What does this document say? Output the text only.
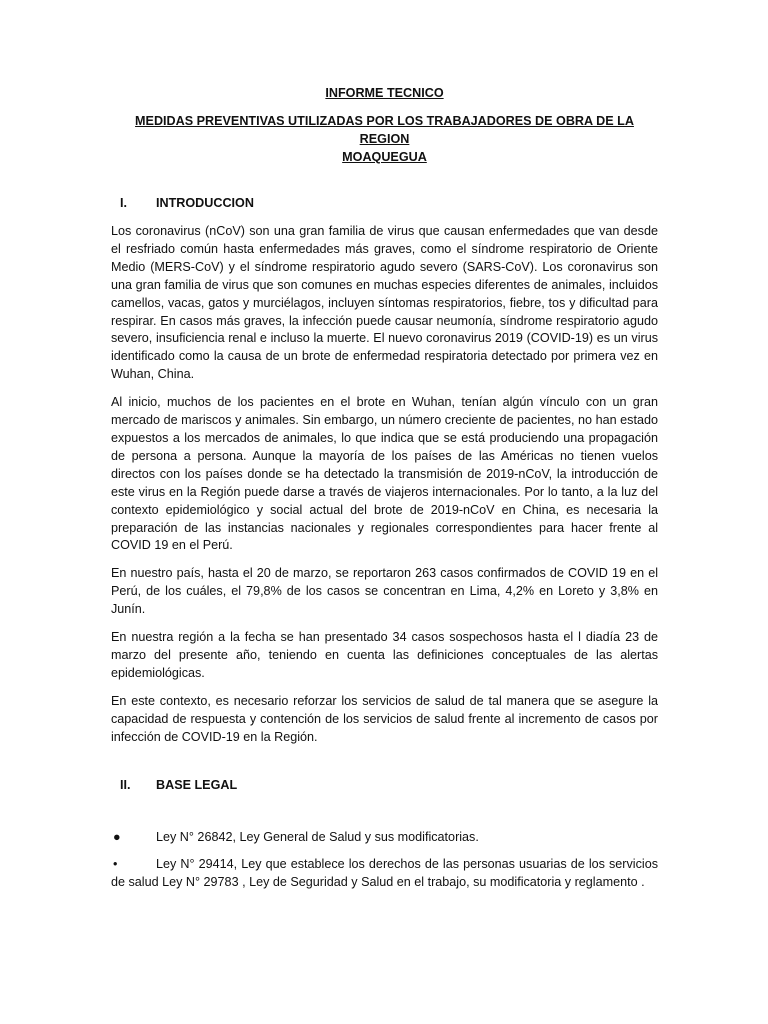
INFORME TECNICO

MEDIDAS PREVENTIVAS UTILIZADAS POR LOS TRABAJADORES DE OBRA DE LA REGION
MOAQUEGUA

I.	INTRODUCCION

Los coronavirus (nCoV) son una gran familia de virus que causan enfermedades que van desde el resfriado común hasta enfermedades más graves, como el síndrome respiratorio de Oriente Medio (MERS-CoV) y el síndrome respiratorio agudo severo (SARS-CoV). Los coronavirus son una gran familia de virus que son comunes en muchas especies diferentes de animales, incluidos camellos, vacas, gatos y murciélagos, incluyen síntomas respiratorios, fiebre, tos y dificultad para respirar. En casos más graves, la infección puede causar neumonía, síndrome respiratorio agudo severo, insuficiencia renal e incluso la muerte. El nuevo coronavirus 2019 (COVID-19) es un virus identificado como la causa de un brote de enfermedad respiratoria detectado por primera vez en Wuhan, China.

Al inicio, muchos de los pacientes en el brote en Wuhan, tenían algún vínculo con un gran mercado de mariscos y animales. Sin embargo, un número creciente de pacientes, no han estado expuestos a los mercados de animales, lo que indica que se está produciendo una propagación de persona a persona. Aunque la mayoría de los países de las Américas no tienen vuelos directos con los países donde se ha detectado la transmisión de 2019-nCoV, la introducción de este virus en la Región puede darse a través de viajeros internacionales. Por lo tanto, a la luz del contexto epidemiológico y social actual del brote de 2019-nCoV en China, es necesaria la preparación de las instancias nacionales y regionales correspondientes para hacer frente al COVID 19 en el Perú.

En nuestro país, hasta el 20 de marzo, se reportaron 263 casos confirmados de COVID 19 en el Perú, de los cuáles, el 79,8% de los casos se concentran en Lima, 4,2% en Loreto y 3,8% en Junín.

En nuestra región a la fecha se han presentado 34 casos sospechosos hasta el l diadía 23 de marzo del presente año, teniendo en cuenta las definiciones conceptuales de las alertas epidemiológicas.

En este contexto, es necesario reforzar los servicios de salud de tal manera que se asegure la capacidad de respuesta y contención de los servicios de salud frente al incremento de casos por infección de COVID-19 en la Región.

II.	BASE LEGAL
●	Ley N° 26842, Ley General de Salud y sus modificatorias.
•	Ley N° 29414, Ley que establece los derechos de las personas usuarias de los servicios de salud Ley N° 29783 , Ley de Seguridad y Salud en el trabajo, su modificatoria y reglamento .
